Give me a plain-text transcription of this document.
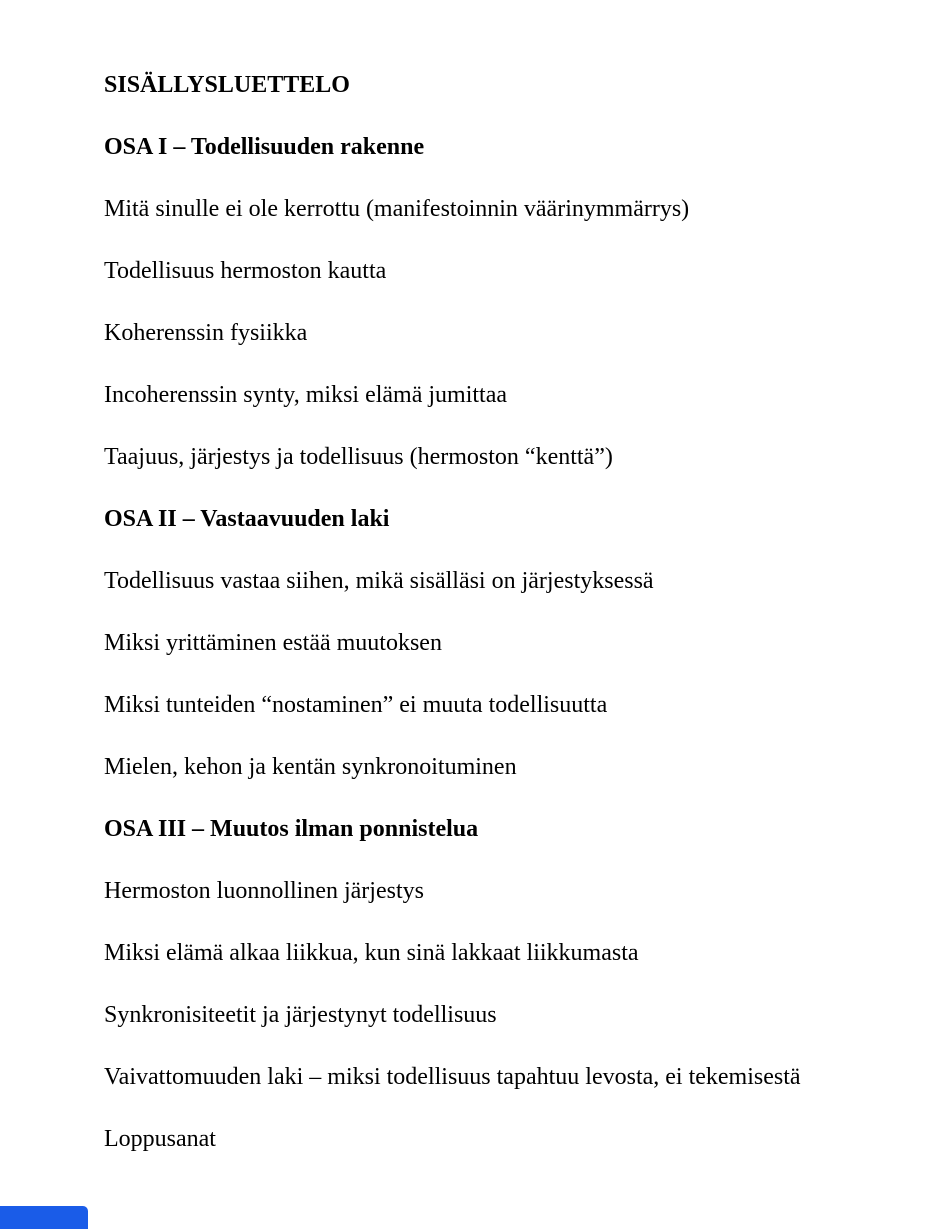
SISÄLLYSLUETTELO

OSA I – Todellisuuden rakenne

Mitä sinulle ei ole kerrottu (manifestoinnin väärinymmärrys)

Todellisuus hermoston kautta

Koherenssin fysiikka

Incoherenssin synty, miksi elämä jumittaa

Taajuus, järjestys ja todellisuus (hermoston “kenttä”)

OSA II – Vastaavuuden laki

Todellisuus vastaa siihen, mikä sisälläsi on järjestyksessä

Miksi yrittäminen estää muutoksen

Miksi tunteiden “nostaminen” ei muuta todellisuutta

Mielen, kehon ja kentän synkronoituminen

OSA III – Muutos ilman ponnistelua

Hermoston luonnollinen järjestys

Miksi elämä alkaa liikkua, kun sinä lakkaat liikkumasta

Synkronisiteetit ja järjestynyt todellisuus

Vaivattomuuden laki – miksi todellisuus tapahtuu levosta, ei tekemisestä

Loppusanat
